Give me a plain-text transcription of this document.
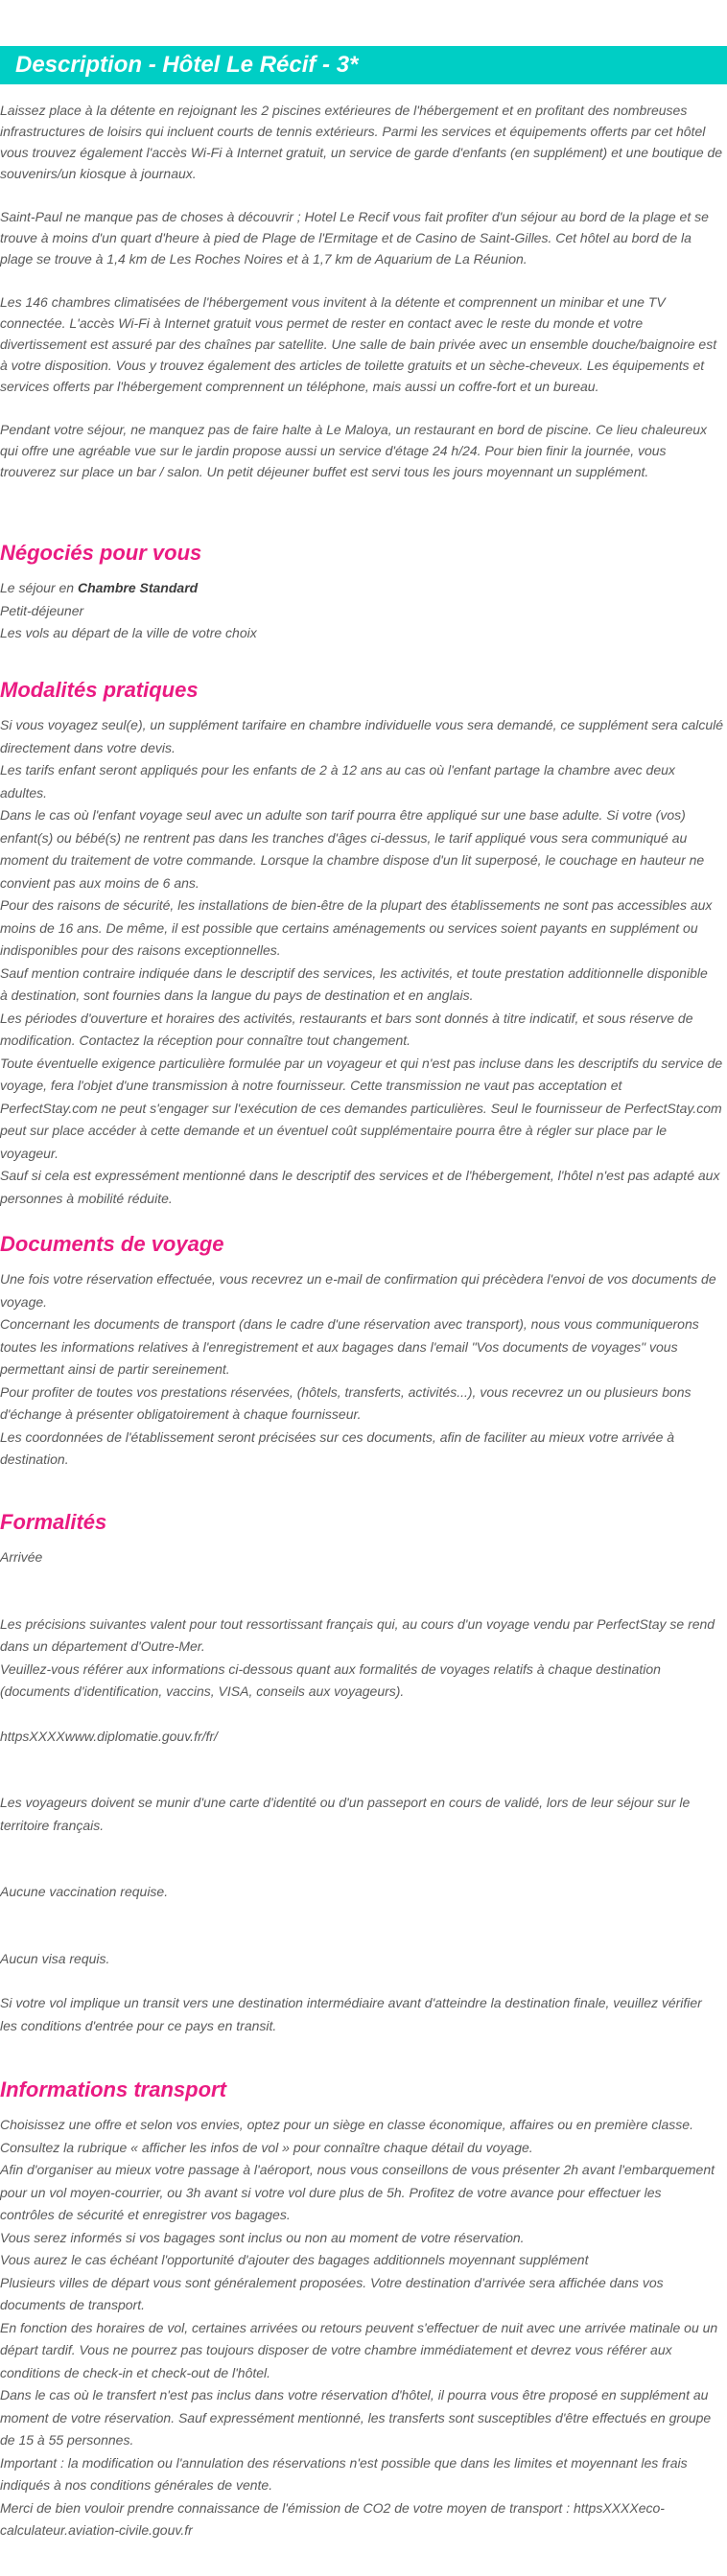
Description - Hôtel Le Récif - 3*

Laissez place à la détente en rejoignant les 2 piscines extérieures de l'hébergement et en profitant des nombreuses infrastructures de loisirs qui incluent courts de tennis extérieurs. Parmi les services et équipements offerts par cet hôtel vous trouvez également l'accès Wi-Fi à Internet gratuit, un service de garde d'enfants (en supplément) et une boutique de souvenirs/un kiosque à journaux.

Saint-Paul ne manque pas de choses à découvrir ; Hotel Le Recif vous fait profiter d'un séjour au bord de la plage et se trouve à moins d'un quart d'heure à pied de Plage de l'Ermitage et de Casino de Saint-Gilles. Cet hôtel au bord de la plage se trouve à 1,4 km de Les Roches Noires et à 1,7 km de Aquarium de La Réunion.

Les 146 chambres climatisées de l'hébergement vous invitent à la détente et comprennent un minibar et une TV connectée. L'accès Wi-Fi à Internet gratuit vous permet de rester en contact avec le reste du monde et votre divertissement est assuré par des chaînes par satellite. Une salle de bain privée avec un ensemble douche/baignoire est à votre disposition. Vous y trouvez également des articles de toilette gratuits et un sèche-cheveux. Les équipements et services offerts par l'hébergement comprennent un téléphone, mais aussi un coffre-fort et un bureau.

Pendant votre séjour, ne manquez pas de faire halte à Le Maloya, un restaurant en bord de piscine. Ce lieu chaleureux qui offre une agréable vue sur le jardin propose aussi un service d'étage 24 h/24. Pour bien finir la journée, vous trouverez sur place un bar / salon. Un petit déjeuner buffet est servi tous les jours moyennant un supplément.

Négociés pour vous
Le séjour en Chambre Standard
Petit-déjeuner
Les vols au départ de la ville de votre choix
Modalités pratiques
Si vous voyagez seul(e), un supplément tarifaire en chambre individuelle vous sera demandé, ce supplément sera calculé
directement dans votre devis.
Les tarifs enfant seront appliqués pour les enfants de 2 à 12 ans au cas où l'enfant partage la chambre avec deux adultes.
Dans le cas où l'enfant voyage seul avec un adulte son tarif pourra être appliqué sur une base adulte. Si votre (vos)
enfant(s) ou bébé(s) ne rentrent pas dans les tranches d'âges ci-dessus, le tarif appliqué vous sera communiqué au
moment du traitement de votre commande. Lorsque la chambre dispose d'un lit superposé, le couchage en hauteur ne
convient pas aux moins de 6 ans.
Pour des raisons de sécurité, les installations de bien-être de la plupart des établissements ne sont pas accessibles aux
moins de 16 ans. De même, il est possible que certains aménagements ou services soient payants en supplément ou
indisponibles pour des raisons exceptionnelles.
Sauf mention contraire indiquée dans le descriptif des services, les activités, et toute prestation additionnelle disponible
à destination, sont fournies dans la langue du pays de destination et en anglais.
Les périodes d'ouverture et horaires des activités, restaurants et bars sont donnés à titre indicatif, et sous réserve de
modification. Contactez la réception pour connaître tout changement.
Toute éventuelle exigence particulière formulée par un voyageur et qui n'est pas incluse dans les descriptifs du service de
voyage, fera l'objet d'une transmission à notre fournisseur. Cette transmission ne vaut pas acceptation et
PerfectStay.com ne peut s'engager sur l'exécution de ces demandes particulières. Seul le fournisseur de PerfectStay.com
peut sur place accéder à cette demande et un éventuel coût supplémentaire pourra être à régler sur place par le
voyageur.
Sauf si cela est expressément mentionné dans le descriptif des services et de l'hébergement, l'hôtel n'est pas adapté aux
personnes à mobilité réduite.
Documents de voyage
Une fois votre réservation effectuée, vous recevrez un e-mail de confirmation qui précèdera l'envoi de vos documents de
voyage.
Concernant les documents de transport (dans le cadre d'une réservation avec transport), nous vous communiquerons
toutes les informations relatives à l'enregistrement et aux bagages dans l'email "Vos documents de voyages" vous
permettant ainsi de partir sereinement.
Pour profiter de toutes vos prestations réservées, (hôtels, transferts, activités...), vous recevrez un ou plusieurs bons
d'échange à présenter obligatoirement à chaque fournisseur.
Les coordonnées de l'établissement seront précisées sur ces documents, afin de faciliter au mieux votre arrivée à
destination.
Formalités
Arrivée
Les précisions suivantes valent pour tout ressortissant français qui, au cours d'un voyage vendu par PerfectStay se rend
dans un département d'Outre-Mer.
Veuillez-vous référer aux informations ci-dessous quant aux formalités de voyages relatifs à chaque destination
(documents d'identification, vaccins, VISA, conseils aux voyageurs).
httpsXXXXwww.diplomatie.gouv.fr/fr/
Les voyageurs doivent se munir d'une carte d'identité ou d'un passeport en cours de validé, lors de leur séjour sur le
territoire français.
Aucune vaccination requise.
Aucun visa requis.
Si votre vol implique un transit vers une destination intermédiaire avant d'atteindre la destination finale, veuillez vérifier
les conditions d'entrée pour ce pays en transit.
Informations transport
Choisissez une offre et selon vos envies, optez pour un siège en classe économique, affaires ou en première classe.
Consultez la rubrique « afficher les infos de vol » pour connaître chaque détail du voyage.
Afin d'organiser au mieux votre passage à l'aéroport, nous vous conseillons de vous présenter 2h avant l'embarquement
pour un vol moyen-courrier, ou 3h avant si votre vol dure plus de 5h. Profitez de votre avance pour effectuer les
contrôles de sécurité et enregistrer vos bagages.
Vous serez informés si vos bagages sont inclus ou non au moment de votre réservation.
Vous aurez le cas échéant l'opportunité d'ajouter des bagages additionnels moyennant supplément
Plusieurs villes de départ vous sont généralement proposées. Votre destination d'arrivée sera affichée dans vos
documents de transport.
En fonction des horaires de vol, certaines arrivées ou retours peuvent s'effectuer de nuit avec une arrivée matinale ou un
départ tardif. Vous ne pourrez pas toujours disposer de votre chambre immédiatement et devrez vous référer aux
conditions de check-in et check-out de l'hôtel.
Dans le cas où le transfert n'est pas inclus dans votre réservation d'hôtel, il pourra vous être proposé en supplément au
moment de votre réservation. Sauf expressément mentionné, les transferts sont susceptibles d'être effectués en groupe
de 15 à 55 personnes.
Important : la modification ou l'annulation des réservations n'est possible que dans les limites et moyennant les frais
indiqués à nos conditions générales de vente.
Merci de bien vouloir prendre connaissance de l'émission de CO2 de votre moyen de transport : httpsXXXXeco-
calculateur.aviation-civile.gouv.fr
